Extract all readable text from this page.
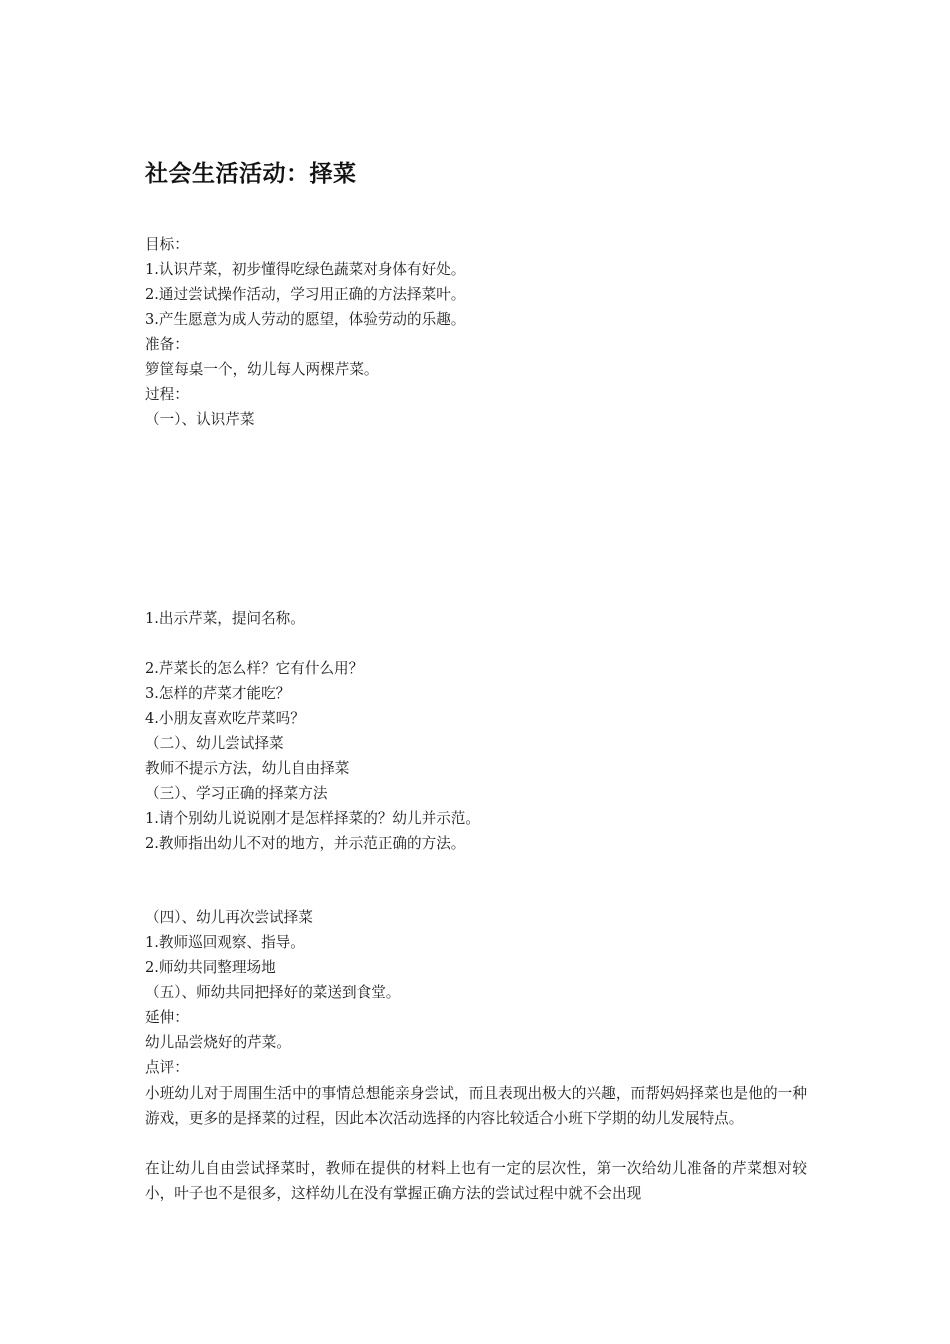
社会生活活动：择菜

目标：

1.认识芹菜，初步懂得吃绿色蔬菜对身体有好处。

2.通过尝试操作活动，学习用正确的方法择菜叶。

3.产生愿意为成人劳动的愿望，体验劳动的乐趣。

准备：

箩筐每桌一个，幼儿每人两棵芹菜。

过程：

（一）、认识芹菜

1.出示芹菜，提问名称。

2.芹菜长的怎么样？它有什么用？

3.怎样的芹菜才能吃？

4.小朋友喜欢吃芹菜吗？

（二）、幼儿尝试择菜

教师不提示方法，幼儿自由择菜

（三）、学习正确的择菜方法

1.请个别幼儿说说刚才是怎样择菜的？幼儿并示范。

2.教师指出幼儿不对的地方，并示范正确的方法。

（四）、幼儿再次尝试择菜

1.教师巡回观察、指导。

2.师幼共同整理场地

（五）、师幼共同把择好的菜送到食堂。

延伸：

幼儿品尝烧好的芹菜。

点评：

小班幼儿对于周围生活中的事情总想能亲身尝试，而且表现出极大的兴趣，而帮妈妈择菜也是他的一种游戏，更多的是择菜的过程，因此本次活动选择的内容比较适合小班下学期的幼儿发展特点。

在让幼儿自由尝试择菜时，教师在提供的材料上也有一定的层次性，第一次给幼儿准备的芹菜想对较小，叶子也不是很多，这样幼儿在没有掌握正确方法的尝试过程中就不会出现
